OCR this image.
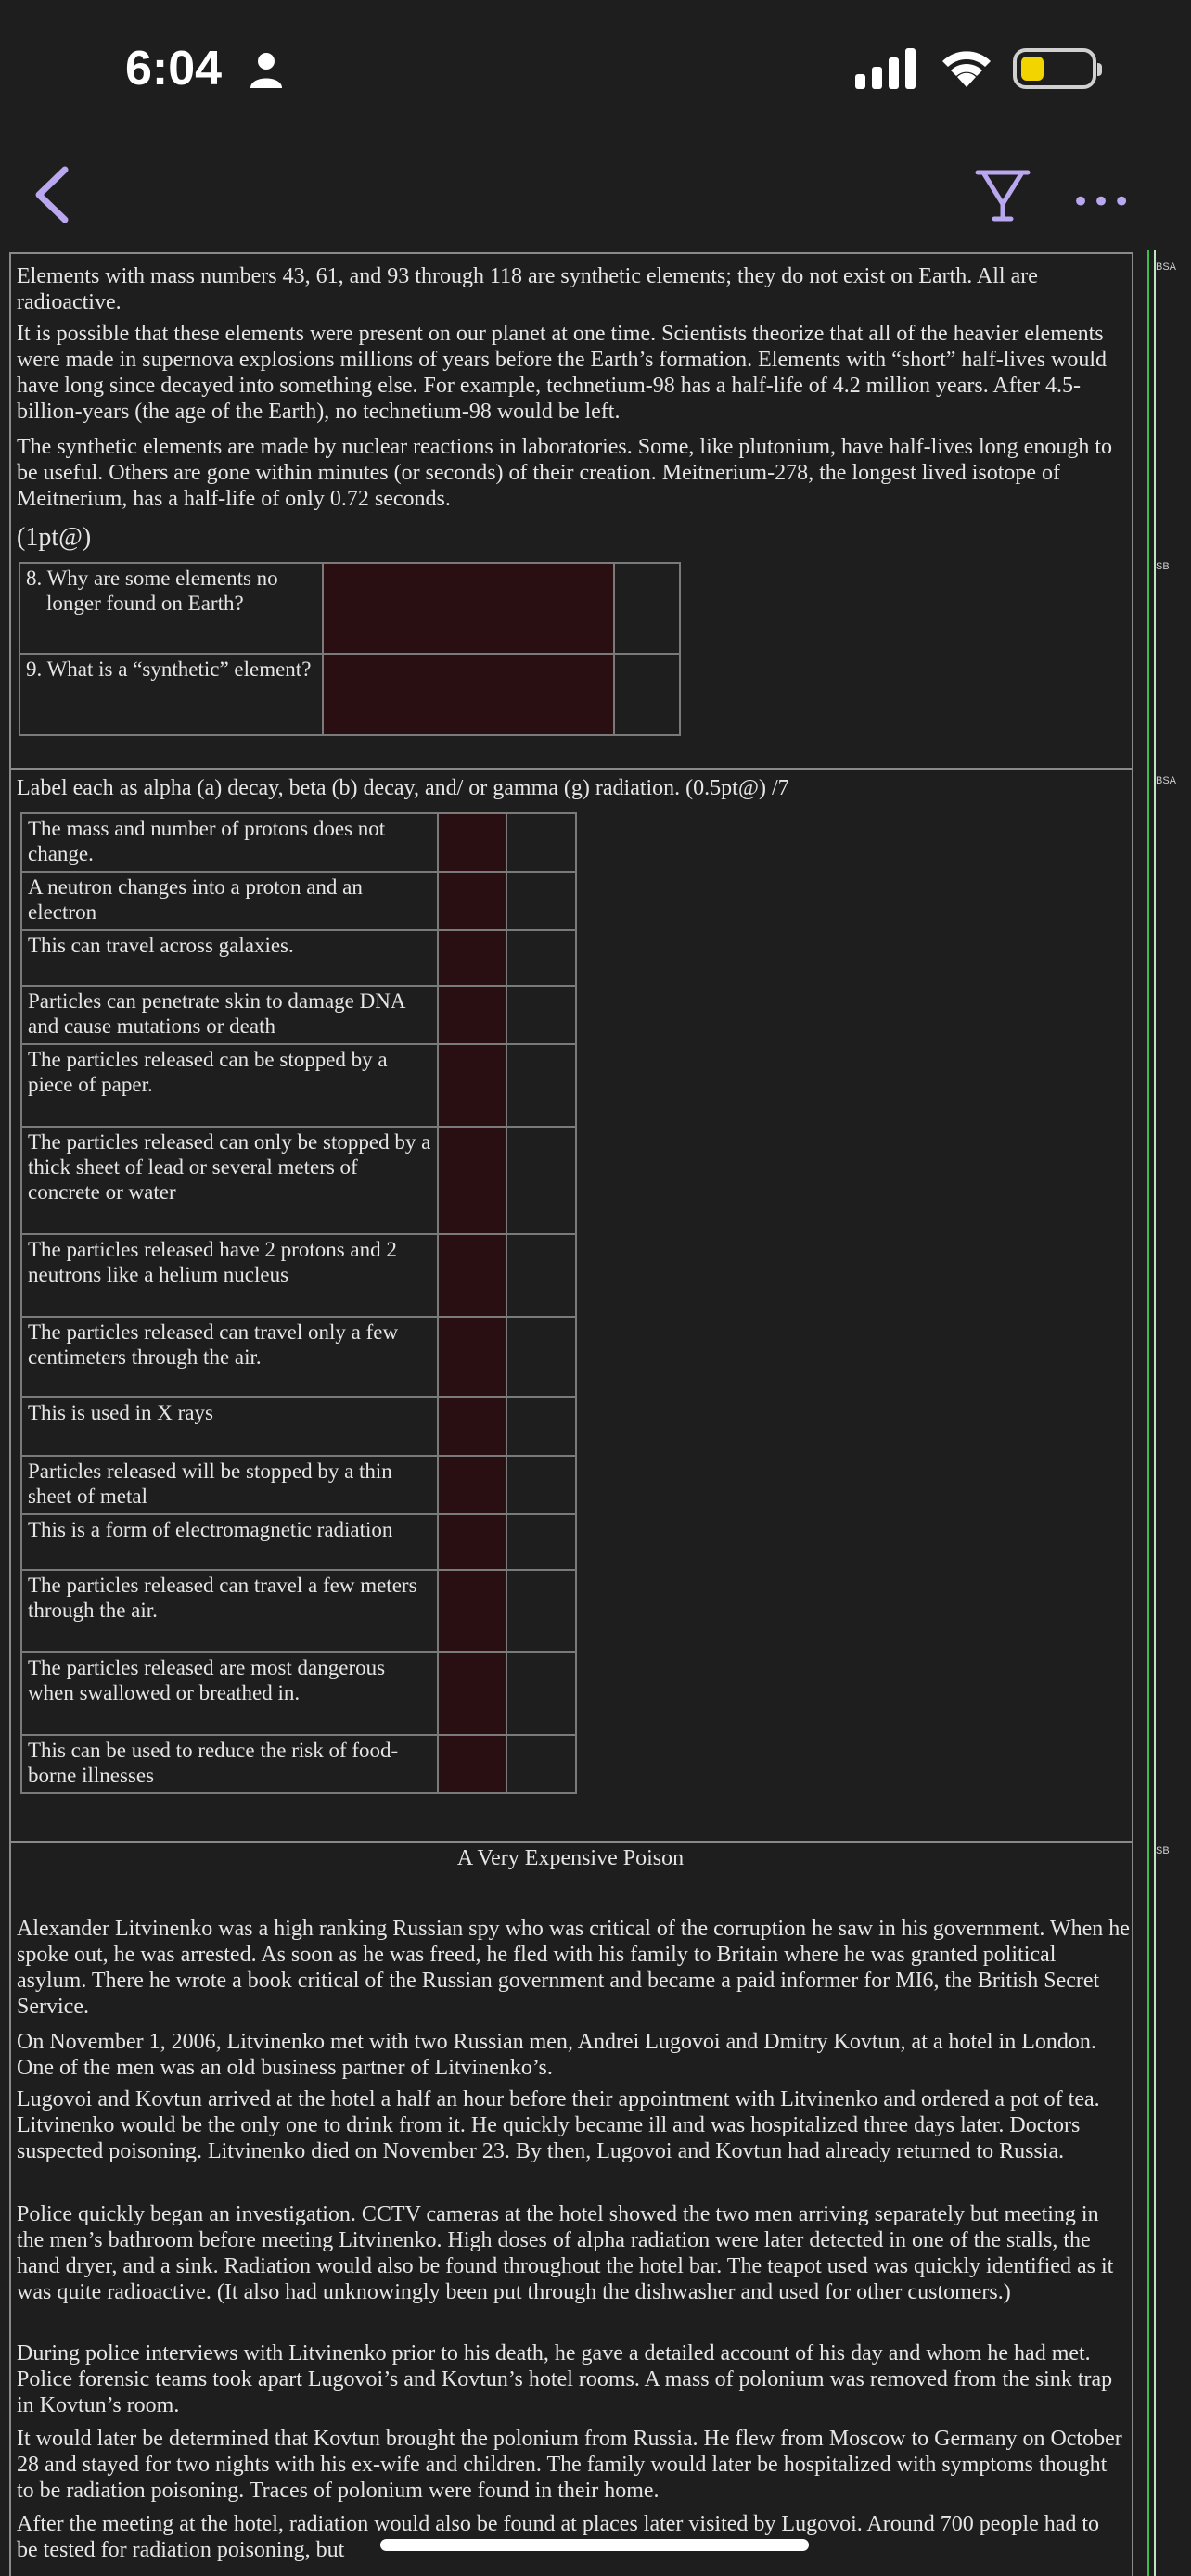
6:04
•••
BSA
SB
BSA
SB
Elements with mass numbers 43, 61, and 93 through 118 are synthetic elements; they do not exist on Earth. All are radioactive.
It is possible that these elements were present on our planet at one time. Scientists theorize that all of the heavier elements were made in supernova explosions millions of years before the Earth’s formation. Elements with “short” half-lives would have long since decayed into something else. For example, technetium-98 has a half-life of 4.2 million years. After 4.5-billion-years (the age of the Earth), no technetium-98 would be left.
The synthetic elements are made by nuclear reactions in laboratories. Some, like plutonium, have half-lives long enough to be useful. Others are gone within minutes (or seconds) of their creation. Meitnerium-278, the longest lived isotope of Meitnerium, has a half-life of only 0.72 seconds.
(1pt@)
8. Why are some elements no longer found on Earth?		
9. What is a “synthetic” element?		
Label each as alpha (a) decay, beta (b) decay, and/ or gamma (g) radiation. (0.5pt@) /7
The mass and number of protons does not change.		
A neutron changes into a proton and an electron		
This can travel across galaxies.		
Particles can penetrate skin to damage DNA and cause mutations or death		
The particles released can be stopped by a piece of paper.		
The particles released can only be stopped by a thick sheet of lead or several meters of concrete or water		
The particles released have 2 protons and 2 neutrons like a helium nucleus		
The particles released can travel only a few centimeters through the air.		
This is used in X rays		
Particles released will be stopped by a thin sheet of metal		
This is a form of electromagnetic radiation		
The particles released can travel a few meters through the air.		
The particles released are most dangerous when swallowed or breathed in.		
This can be used to reduce the risk of food-borne illnesses		
A Very Expensive Poison
Alexander Litvinenko was a high ranking Russian spy who was critical of the corruption he saw in his government. When he spoke out, he was arrested. As soon as he was freed, he fled with his family to Britain where he was granted political asylum. There he wrote a book critical of the Russian government and became a paid informer for MI6, the British Secret Service.
On November 1, 2006, Litvinenko met with two Russian men, Andrei Lugovoi and Dmitry Kovtun, at a hotel in London. One of the men was an old business partner of Litvinenko’s.
Lugovoi and Kovtun arrived at the hotel a half an hour before their appointment with Litvinenko and ordered a pot of tea. Litvinenko would be the only one to drink from it. He quickly became ill and was hospitalized three days later. Doctors suspected poisoning. Litvinenko died on November 23. By then, Lugovoi and Kovtun had already returned to Russia.
Police quickly began an investigation. CCTV cameras at the hotel showed the two men arriving separately but meeting in the men’s bathroom before meeting Litvinenko. High doses of alpha radiation were later detected in one of the stalls, the hand dryer, and a sink. Radiation would also be found throughout the hotel bar. The teapot used was quickly identified as it was quite radioactive. (It also had unknowingly been put through the dishwasher and used for other customers.)
During police interviews with Litvinenko prior to his death, he gave a detailed account of his day and whom he had met. Police forensic teams took apart Lugovoi’s and Kovtun’s hotel rooms. A mass of polonium was removed from the sink trap in Kovtun’s room.
It would later be determined that Kovtun brought the polonium from Russia. He flew from Moscow to Germany on October 28 and stayed for two nights with his ex-wife and children. The family would later be hospitalized with symptoms thought to be radiation poisoning. Traces of polonium were found in their home.
After the meeting at the hotel, radiation would also be found at places later visited by Lugovoi. Around 700 people had to be tested for radiation poisoning, but
